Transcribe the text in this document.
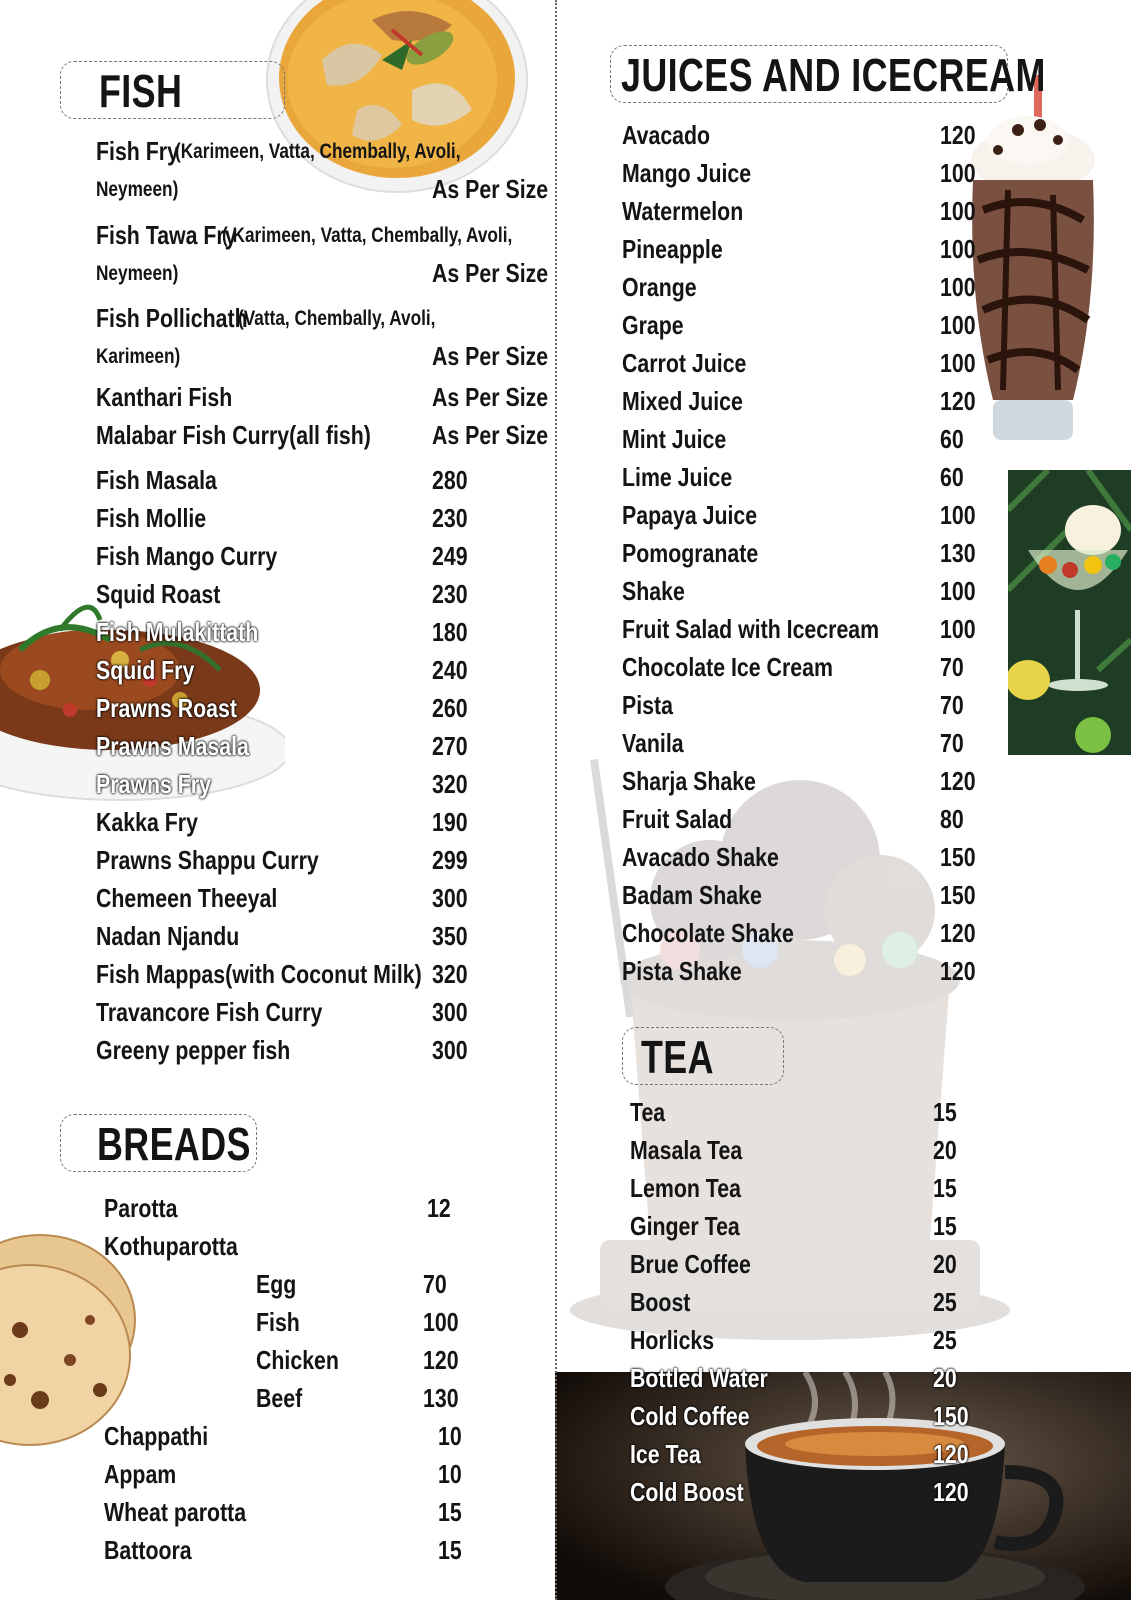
FISH
Fish Fry
(Karimeen, Vatta, Chembally, Avoli,
Neymeen)	As Per Size
Fish Tawa Fry
( Karimeen, Vatta, Chembally, Avoli,
Neymeen)	As Per Size
Fish Pollichath
(Vatta, Chembally, Avoli,
Karimeen)	As Per Size
Kanthari Fish	As Per Size
Malabar Fish Curry(all fish) As Per Size
Fish Masala	280
Fish Mollie	230
Fish Mango Curry	249
Squid Roast	230
Fish Mulakittath	180
Squid Fry	240
Prawns Roast	260
Prawns Masala	270
Prawns Fry	320
Kakka Fry	190
Prawns Shappu Curry	299
Chemeen Theeyal	300
Nadan Njandu	350
Fish Mappas(with Coconut Milk) 320
Travancore Fish Curry	300
Greeny pepper fish	300
BREADS
Parotta	12
Kothuparotta
Egg	70
Fish	100
Chicken	120
Beef	130
Chappathi	10
Appam	10
Wheat parotta	15
Battoora	15
JUICES AND ICECREAM
Avacado	120
Mango Juice	100
Watermelon	100
Pineapple	100
Orange	100
Grape	100
Carrot Juice	100
Mixed Juice	120
Mint Juice	60
Lime Juice	60
Papaya Juice	100
Pomogranate	130
Shake	100
Fruit Salad with Icecream 100
Chocolate Ice Cream	70
Pista	70
Vanila	70
Sharja Shake	120
Fruit Salad	80
Avacado Shake	150
Badam Shake	150
Chocolate Shake	120
Pista Shake	120
TEA
Tea	15
Masala Tea	20
Lemon Tea	15
Ginger Tea	15
Brue Coffee	20
Boost	25
Horlicks	25
Bottled Water	20
Cold Coffee	150
Ice Tea	120
Cold Boost	120
